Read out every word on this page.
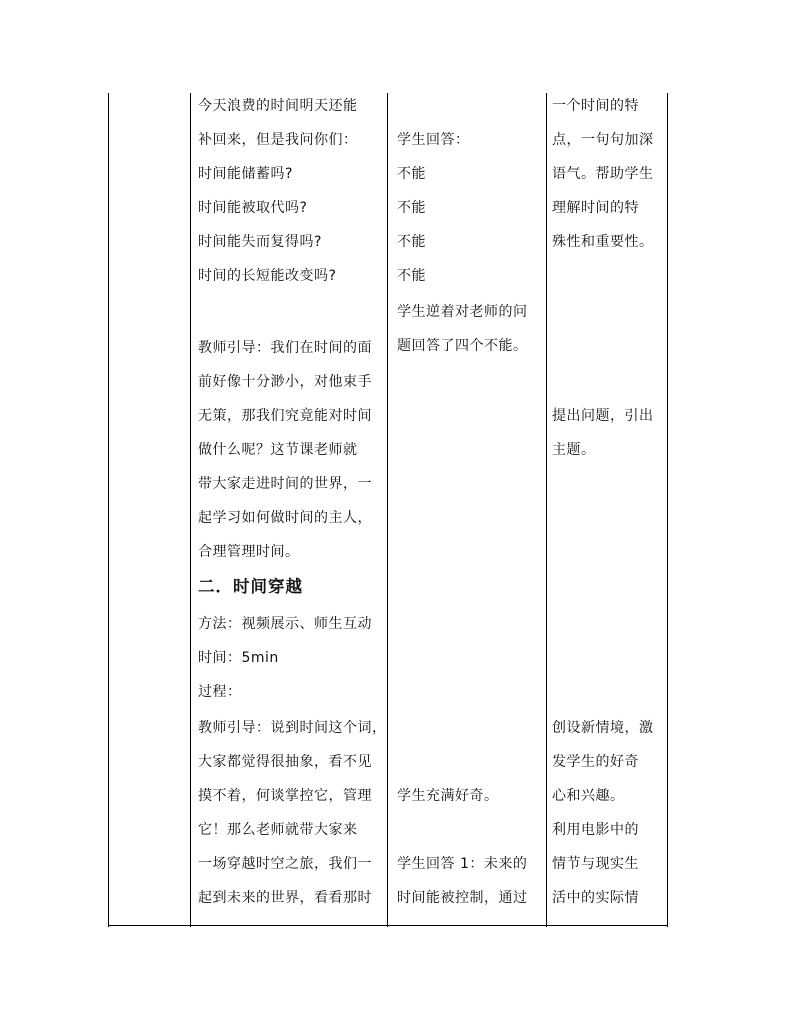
今天浪费的时间明天还能
补回来，但是我问你们：
时间能储蓄吗?
时间能被取代吗?
时间能失而复得吗?
时间的长短能改变吗?
教师引导：我们在时间的面
前好像十分渺小，对他束手
无策，那我们究竟能对时间
做什么呢？这节课老师就
带大家走进时间的世界，一
起学习如何做时间的主人，
合理管理时间。
二．时间穿越
方法：视频展示、师生互动
时间：5min
过程：
教师引导：说到时间这个词，
大家都觉得很抽象，看不见
摸不着，何谈掌控它，管理
它！那么老师就带大家来
一场穿越时空之旅，我们一
起到未来的世界，看看那时
学生回答：
不能
不能
不能
不能
学生逆着对老师的问
题回答了四个不能。
学生充满好奇。
学生回答 1：未来的
时间能被控制，通过
一个时间的特
点，一句句加深
语气。帮助学生
理解时间的特
殊性和重要性。
提出问题，引出
主题。
创设新情境，激
发学生的好奇
心和兴趣。
利用电影中的
情节与现实生
活中的实际情
